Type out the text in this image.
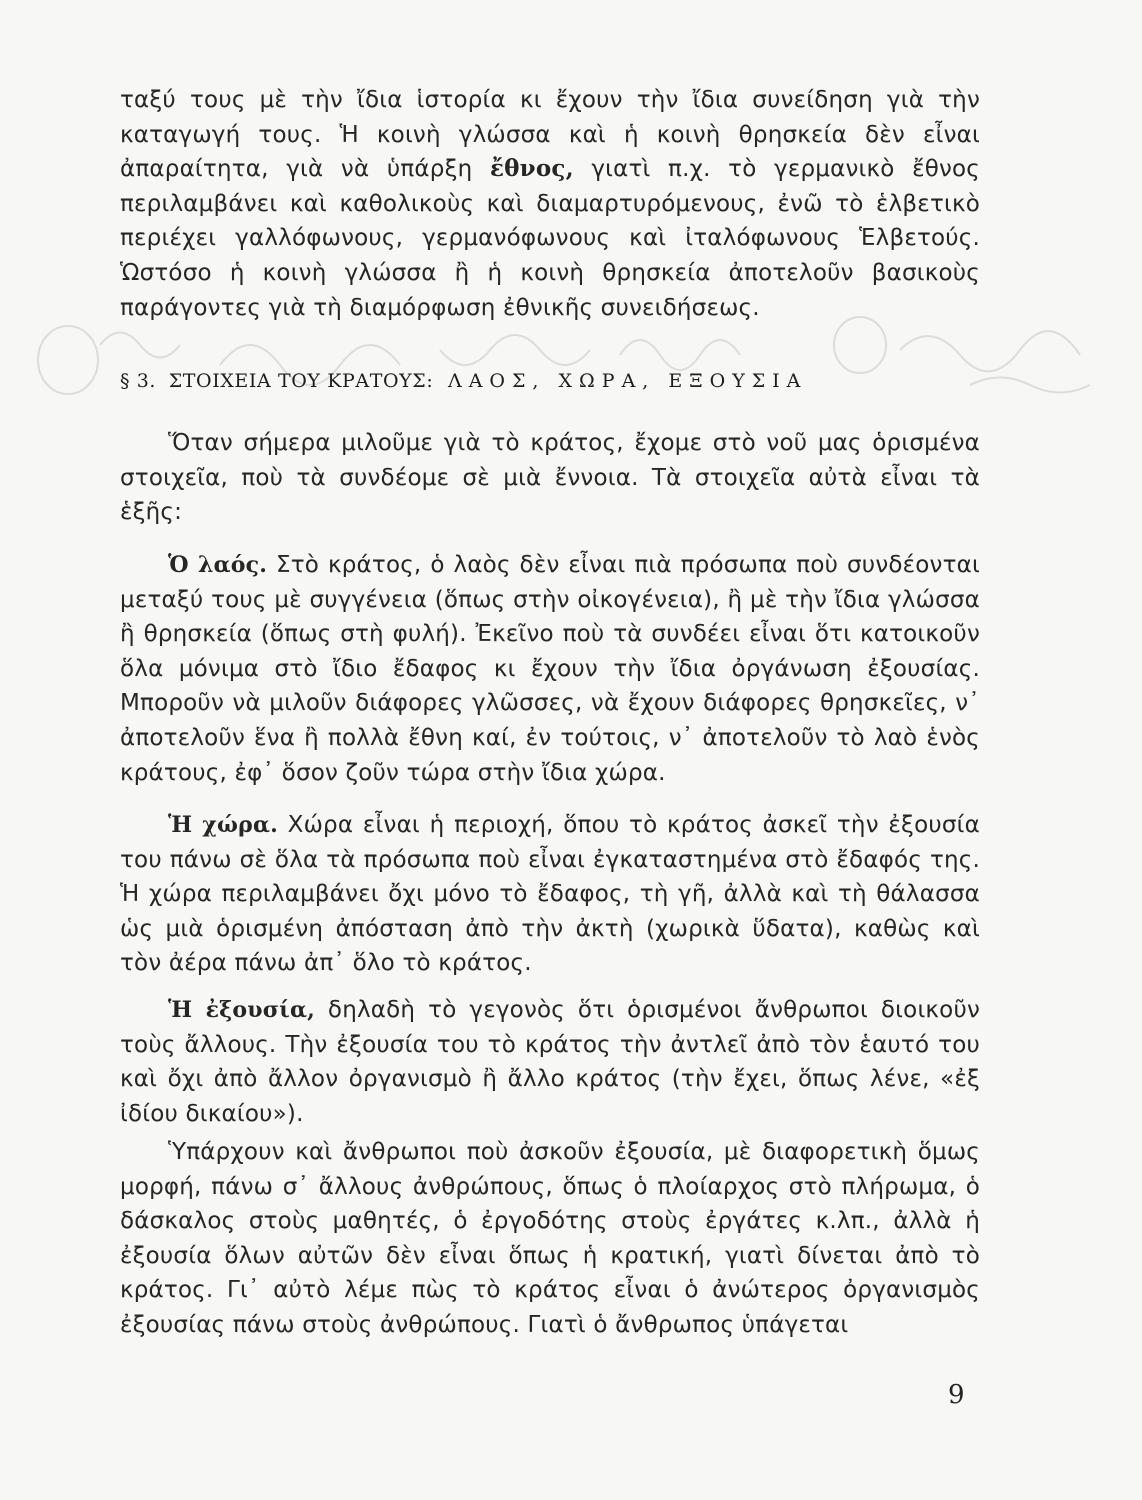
ταξύ τους μὲ τὴν ἴδια ἱστορία κι ἔχουν τὴν ἴδια συνείδηση γιὰ τὴν καταγωγή τους. Ἡ κοινὴ γλώσσα καὶ ἡ κοινὴ θρησκεία δὲν εἶναι ἀπαραίτητα, γιὰ νὰ ὑπάρξη ἔθνος, γιατὶ π.χ. τὸ γερμανικὸ ἔθνος περιλαμβάνει καὶ καθολικοὺς καὶ διαμαρτυρόμενους, ἐνῶ τὸ ἑλβετικὸ περιέχει γαλλόφωνους, γερμανόφωνους καὶ ἰταλόφωνους Ἑλβετούς. Ὡστόσο ἡ κοινὴ γλώσσα ἢ ἡ κοινὴ θρησκεία ἀποτελοῦν βασικοὺς παράγοντες γιὰ τὴ διαμόρφωση ἐθνικῆς συνειδήσεως.

§ 3. ΣΤΟΙΧΕΙΑ ΤΟΥ ΚΡΑΤΟΥΣ: ΛΑΟΣ, ΧΩΡΑ, ΕΞΟΥΣΙΑ

Ὅταν σήμερα μιλοῦμε γιὰ τὸ κράτος, ἔχομε στὸ νοῦ μας ὁρισμένα στοιχεῖα, ποὺ τὰ συνδέομε σὲ μιὰ ἔννοια. Τὰ στοιχεῖα αὐτὰ εἶναι τὰ ἑξῆς:

Ὁ λαός. Στὸ κράτος, ὁ λαὸς δὲν εἶναι πιὰ πρόσωπα ποὺ συνδέονται μεταξύ τους μὲ συγγένεια (ὅπως στὴν οἰκογένεια), ἢ μὲ τὴν ἴδια γλώσσα ἢ θρησκεία (ὅπως στὴ φυλή). Ἐκεῖνο ποὺ τὰ συνδέει εἶναι ὅτι κατοικοῦν ὅλα μόνιμα στὸ ἴδιο ἔδαφος κι ἔχουν τὴν ἴδια ὀργάνωση ἐξουσίας. Μποροῦν νὰ μιλοῦν διάφορες γλῶσσες, νὰ ἔχουν διάφορες θρησκεῖες, ν᾽ ἀποτελοῦν ἕνα ἢ πολλὰ ἔθνη καί, ἐν τούτοις, ν᾽ ἀποτελοῦν τὸ λαὸ ἑνὸς κράτους, ἐφ᾽ ὅσον ζοῦν τώρα στὴν ἴδια χώρα.

Ἡ χώρα. Χώρα εἶναι ἡ περιοχή, ὅπου τὸ κράτος ἀσκεῖ τὴν ἐξουσία του πάνω σὲ ὅλα τὰ πρόσωπα ποὺ εἶναι ἐγκαταστημένα στὸ ἔδαφός της. Ἡ χώρα περιλαμβάνει ὄχι μόνο τὸ ἔδαφος, τὴ γῆ, ἀλλὰ καὶ τὴ θάλασσα ὡς μιὰ ὁρισμένη ἀπόσταση ἀπὸ τὴν ἀκτὴ (χωρικὰ ὕδατα), καθὼς καὶ τὸν ἀέρα πάνω ἀπ᾽ ὅλο τὸ κράτος.

Ἡ ἐξουσία, δηλαδὴ τὸ γεγονὸς ὅτι ὁρισμένοι ἄνθρωποι διοικοῦν τοὺς ἄλλους. Τὴν ἐξουσία του τὸ κράτος τὴν ἀντλεῖ ἀπὸ τὸν ἑαυτό του καὶ ὄχι ἀπὸ ἄλλον ὀργανισμὸ ἢ ἄλλο κράτος (τὴν ἔχει, ὅπως λένε, «ἐξ ἰδίου δικαίου»).

Ὑπάρχουν καὶ ἄνθρωποι ποὺ ἀσκοῦν ἐξουσία, μὲ διαφορετικὴ ὅμως μορφή, πάνω σ᾽ ἄλλους ἀνθρώπους, ὅπως ὁ πλοίαρχος στὸ πλήρωμα, ὁ δάσκαλος στοὺς μαθητές, ὁ ἐργοδότης στοὺς ἐργάτες κ.λπ., ἀλλὰ ἡ ἐξουσία ὅλων αὐτῶν δὲν εἶναι ὅπως ἡ κρατική, γιατὶ δίνεται ἀπὸ τὸ κράτος. Γι᾽ αὐτὸ λέμε πὼς τὸ κράτος εἶναι ὁ ἀνώτερος ὀργανισμὸς ἐξουσίας πάνω στοὺς ἀνθρώπους. Γιατὶ ὁ ἄνθρωπος ὑπάγεται

9
